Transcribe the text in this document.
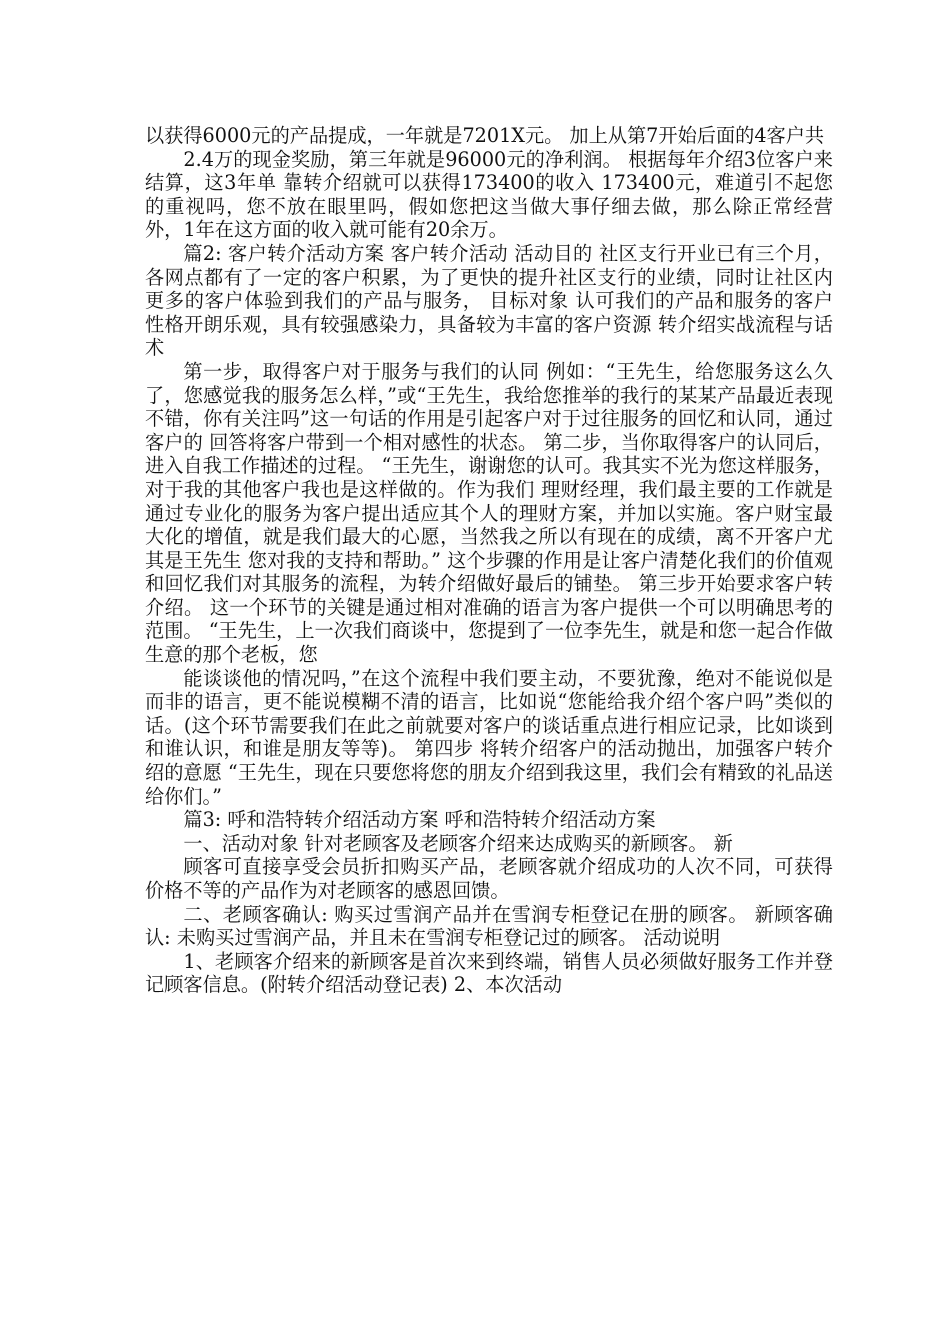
以获得6000元的产品提成，一年就是7201X元。 加上从第7开始后面的4客户共

2.4万的现金奖励，第三年就是96000元的净利润。 根据每年介绍3位客户来结算，这3年单 靠转介绍就可以获得173400的收入 173400元，难道引不起您的重视吗，您不放在眼里吗，假如您把这当做大事仔细去做，那么除正常经营外，1年在这方面的收入就可能有20余万。

篇2: 客户转介活动方案 客户转介活动 活动目的 社区支行开业已有三个月，各网点都有了一定的客户积累，为了更快的提升社区支行的业绩，同时让社区内更多的客户体验到我们的产品与服务， 目标对象 认可我们的产品和服务的客户 性格开朗乐观，具有较强感染力，具备较为丰富的客户资源 转介绍实战流程与话术

第一步，取得客户对于服务与我们的认同 例如：“王先生，给您服务这么久了，您感觉我的服务怎么样，”或“王先生，我给您推举的我行的某某产品最近表现不错，你有关注吗”这一句话的作用是引起客户对于过往服务的回忆和认同，通过客户的 回答将客户带到一个相对感性的状态。 第二步，当你取得客户的认同后，进入自我工作描述的过程。 “王先生，谢谢您的认可。我其实不光为您这样服务，对于我的其他客户我也是这样做的。作为我们 理财经理，我们最主要的工作就是通过专业化的服务为客户提出适应其个人的理财方案，并加以实施。客户财宝最大化的增值，就是我们最大的心愿，当然我之所以有现在的成绩，离不开客户尤其是王先生 您对我的支持和帮助。” 这个步骤的作用是让客户清楚化我们的价值观和回忆我们对其服务的流程，为转介绍做好最后的铺垫。 第三步开始要求客户转介绍。 这一个环节的关键是通过相对准确的语言为客户提供一个可以明确思考的范围。 “王先生，上一次我们商谈中，您提到了一位李先生，就是和您一起合作做生意的那个老板，您

能谈谈他的情况吗，”在这个流程中我们要主动，不要犹豫，绝对不能说似是而非的语言，更不能说模糊不清的语言，比如说“您能给我介绍个客户吗”类似的话。(这个环节需要我们在此之前就要对客户的谈话重点进行相应记录，比如谈到和谁认识，和谁是朋友等等)。 第四步 将转介绍客户的活动抛出，加强客户转介绍的意愿 “王先生，现在只要您将您的朋友介绍到我这里，我们会有精致的礼品送给你们。”

篇3: 呼和浩特转介绍活动方案 呼和浩特转介绍活动方案

一、活动对象 针对老顾客及老顾客介绍来达成购买的新顾客。 新

顾客可直接享受会员折扣购买产品，老顾客就介绍成功的人次不同，可获得价格不等的产品作为对老顾客的感恩回馈。

二、老顾客确认: 购买过雪润产品并在雪润专柜登记在册的顾客。 新顾客确认: 未购买过雪润产品，并且未在雪润专柜登记过的顾客。 活动说明

1、老顾客介绍来的新顾客是首次来到终端，销售人员必须做好服务工作并登记顾客信息。(附转介绍活动登记表) 2、本次活动
